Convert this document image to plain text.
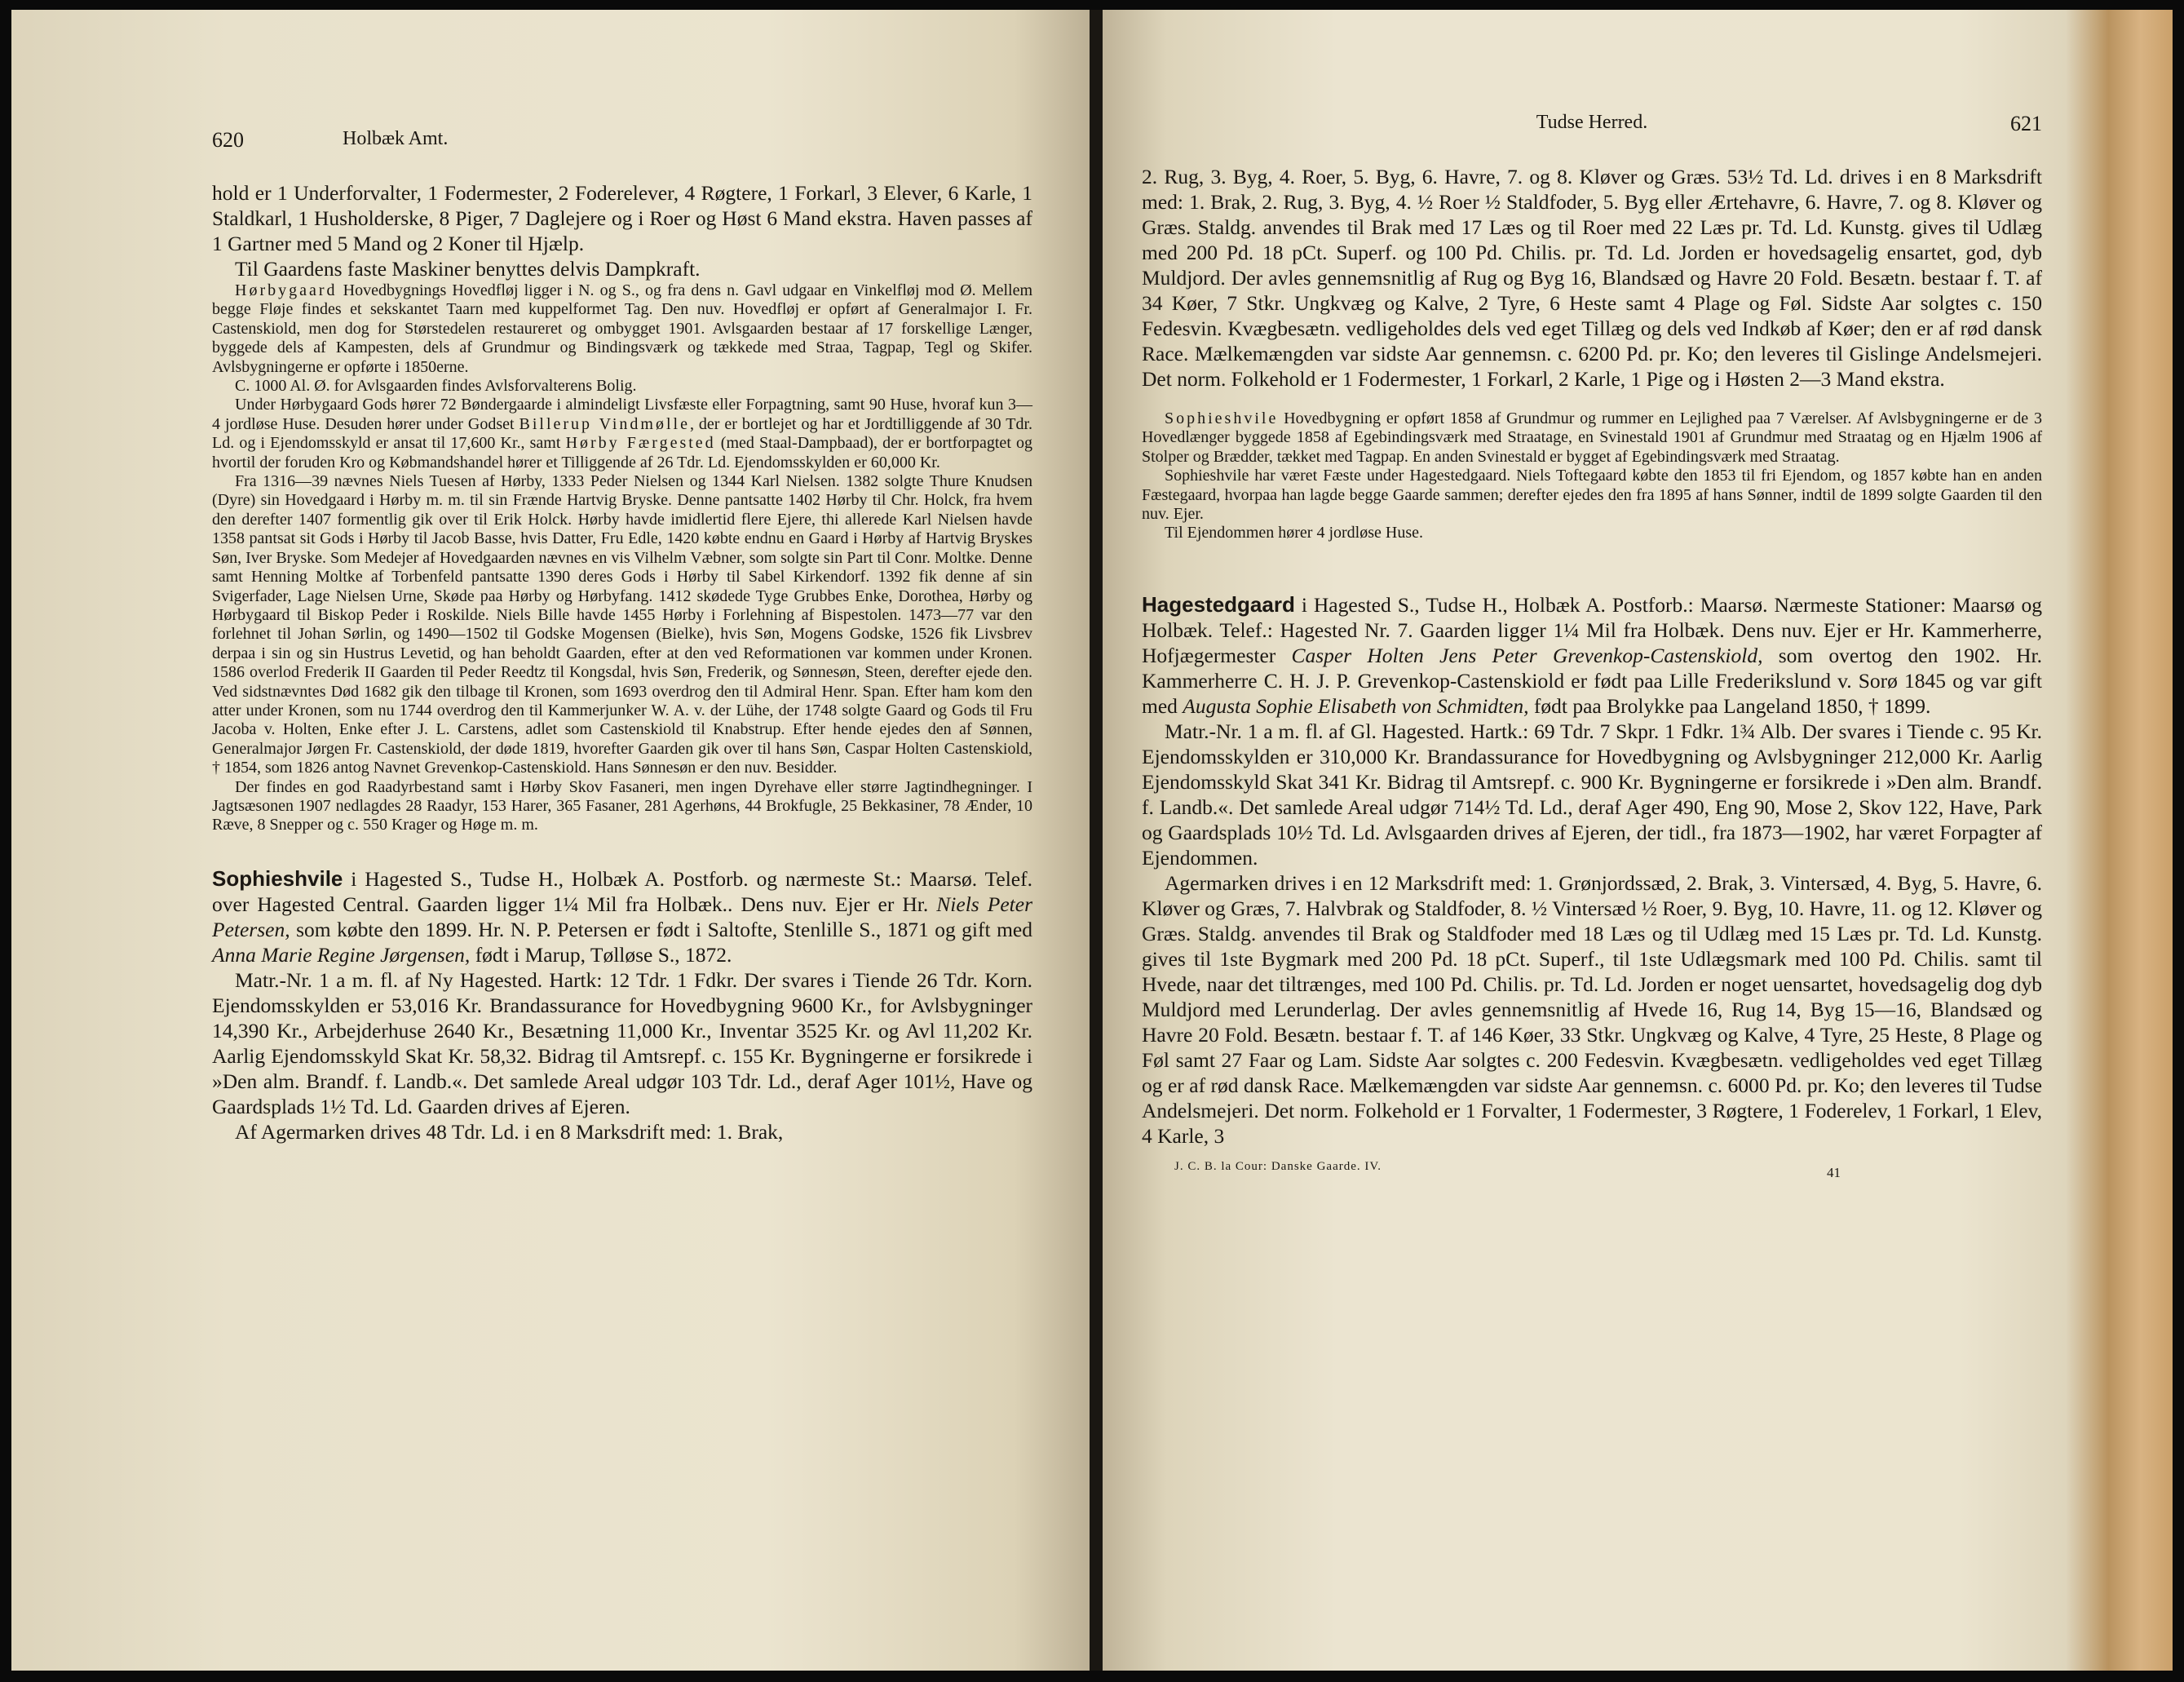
620	Holbæk Amt.

hold er 1 Underforvalter, 1 Fodermester, 2 Foderelever, 4 Røgtere, 1 Forkarl, 3 Elever, 6 Karle, 1 Staldkarl, 1 Husholderske, 8 Piger, 7 Daglejere og i Roer og Høst 6 Mand ekstra. Haven passes af 1 Gartner med 5 Mand og 2 Koner til Hjælp.

Til Gaardens faste Maskiner benyttes delvis Dampkraft.

Hørbygaard Hovedbygnings Hovedfløj ligger i N. og S., og fra dens n. Gavl udgaar en Vinkelfløj mod Ø. Mellem begge Fløje findes et sekskantet Taarn med kuppelformet Tag. Den nuv. Hovedfløj er opført af Generalmajor I. Fr. Castenskiold, men dog for Størstedelen restaureret og ombygget 1901. Avlsgaarden bestaar af 17 forskellige Længer, byggede dels af Kampesten, dels af Grundmur og Bindingsværk og tækkede med Straa, Tagpap, Tegl og Skifer. Avlsbygningerne er opførte i 1850erne.

C. 1000 Al. Ø. for Avlsgaarden findes Avlsforvalterens Bolig.

Under Hørbygaard Gods hører 72 Bøndergaarde i almindeligt Livsfæste eller Forpagtning, samt 90 Huse, hvoraf kun 3—4 jordløse Huse. Desuden hører under Godset Billerup Vindmølle, der er bortlejet og har et Jordtilliggende af 30 Tdr. Ld. og i Ejendomsskyld er ansat til 17,600 Kr., samt Hørby Færgested (med Staal-Dampbaad), der er bortforpagtet og hvortil der foruden Kro og Købmandshandel hører et Tilliggende af 26 Tdr. Ld. Ejendomsskylden er 60,000 Kr.

Fra 1316—39 nævnes Niels Tuesen af Hørby, 1333 Peder Nielsen og 1344 Karl Nielsen. 1382 solgte Thure Knudsen (Dyre) sin Hovedgaard i Hørby m. m. til sin Frænde Hartvig Bryske. Denne pantsatte 1402 Hørby til Chr. Holck, fra hvem den derefter 1407 formentlig gik over til Erik Holck. Hørby havde imidlertid flere Ejere, thi allerede Karl Nielsen havde 1358 pantsat sit Gods i Hørby til Jacob Basse, hvis Datter, Fru Edle, 1420 købte endnu en Gaard i Hørby af Hartvig Bryskes Søn, Iver Bryske. Som Medejer af Hovedgaarden nævnes en vis Vilhelm Væbner, som solgte sin Part til Conr. Moltke. Denne samt Henning Moltke af Torbenfeld pantsatte 1390 deres Gods i Hørby til Sabel Kirkendorf. 1392 fik denne af sin Svigerfader, Lage Nielsen Urne, Skøde paa Hørby og Hørbyfang. 1412 skødede Tyge Grubbes Enke, Dorothea, Hørby og Hørbygaard til Biskop Peder i Roskilde. Niels Bille havde 1455 Hørby i Forlehning af Bispestolen. 1473—77 var den forlehnet til Johan Sørlin, og 1490—1502 til Godske Mogensen (Bielke), hvis Søn, Mogens Godske, 1526 fik Livsbrev derpaa i sin og sin Hustrus Levetid, og han beholdt Gaarden, efter at den ved Reformationen var kommen under Kronen. 1586 overlod Frederik II Gaarden til Peder Reedtz til Kongsdal, hvis Søn, Frederik, og Sønnesøn, Steen, derefter ejede den. Ved sidstnævntes Død 1682 gik den tilbage til Kronen, som 1693 overdrog den til Admiral Henr. Span. Efter ham kom den atter under Kronen, som nu 1744 overdrog den til Kammerjunker W. A. v. der Lühe, der 1748 solgte Gaard og Gods til Fru Jacoba v. Holten, Enke efter J. L. Carstens, adlet som Castenskiold til Knabstrup. Efter hende ejedes den af Sønnen, Generalmajor Jørgen Fr. Castenskiold, der døde 1819, hvorefter Gaarden gik over til hans Søn, Caspar Holten Castenskiold, † 1854, som 1826 antog Navnet Grevenkop-Castenskiold. Hans Sønnesøn er den nuv. Besidder.

Der findes en god Raadyrbestand samt i Hørby Skov Fasaneri, men ingen Dyrehave eller større Jagtindhegninger. I Jagtsæsonen 1907 nedlagdes 28 Raadyr, 153 Harer, 365 Fasaner, 281 Agerhøns, 44 Brokfugle, 25 Bekkasiner, 78 Ænder, 10 Ræve, 8 Snepper og c. 550 Krager og Høge m. m.

Sophieshvile i Hagested S., Tudse H., Holbæk A. Postforb. og nærmeste St.: Maarsø. Telef. over Hagested Central. Gaarden ligger 1¼ Mil fra Holbæk.. Dens nuv. Ejer er Hr. Niels Peter Petersen, som købte den 1899. Hr. N. P. Petersen er født i Saltofte, Stenlille S., 1871 og gift med Anna Marie Regine Jørgensen, født i Marup, Tølløse S., 1872.

Matr.-Nr. 1 a m. fl. af Ny Hagested. Hartk: 12 Tdr. 1 Fdkr. Der svares i Tiende 26 Tdr. Korn. Ejendomsskylden er 53,016 Kr. Brandassurance for Hovedbygning 9600 Kr., for Avlsbygninger 14,390 Kr., Arbejderhuse 2640 Kr., Besætning 11,000 Kr., Inventar 3525 Kr. og Avl 11,202 Kr. Aarlig Ejendomsskyld Skat Kr. 58,32. Bidrag til Amtsrepf. c. 155 Kr. Bygningerne er forsikrede i »Den alm. Brandf. f. Landb.«. Det samlede Areal udgør 103 Tdr. Ld., deraf Ager 101½, Have og Gaardsplads 1½ Td. Ld. Gaarden drives af Ejeren.

Af Agermarken drives 48 Tdr. Ld. i en 8 Marksdrift med: 1. Brak,

Tudse Herred.	621

2. Rug, 3. Byg, 4. Roer, 5. Byg, 6. Havre, 7. og 8. Kløver og Græs. 53½ Td. Ld. drives i en 8 Marksdrift med: 1. Brak, 2. Rug, 3. Byg, 4. ½ Roer ½ Staldfoder, 5. Byg eller Ærtehavre, 6. Havre, 7. og 8. Kløver og Græs. Staldg. anvendes til Brak med 17 Læs og til Roer med 22 Læs pr. Td. Ld. Kunstg. gives til Udlæg med 200 Pd. 18 pCt. Superf. og 100 Pd. Chilis. pr. Td. Ld. Jorden er hovedsagelig ensartet, god, dyb Muldjord. Der avles gennemsnitlig af Rug og Byg 16, Blandsæd og Havre 20 Fold. Besætn. bestaar f. T. af 34 Køer, 7 Stkr. Ungkvæg og Kalve, 2 Tyre, 6 Heste samt 4 Plage og Føl. Sidste Aar solgtes c. 150 Fedesvin. Kvægbesætn. vedligeholdes dels ved eget Tillæg og dels ved Indkøb af Køer; den er af rød dansk Race. Mælkemængden var sidste Aar gennemsn. c. 6200 Pd. pr. Ko; den leveres til Gislinge Andelsmejeri. Det norm. Folkehold er 1 Fodermester, 1 Forkarl, 2 Karle, 1 Pige og i Høsten 2—3 Mand ekstra.

Sophieshvile Hovedbygning er opført 1858 af Grundmur og rummer en Lejlighed paa 7 Værelser. Af Avlsbygningerne er de 3 Hovedlænger byggede 1858 af Egebindingsværk med Straatage, en Svinestald 1901 af Grundmur med Straatag og en Hjælm 1906 af Stolper og Brædder, tækket med Tagpap. En anden Svinestald er bygget af Egebindingsværk med Straatag.

Sophieshvile har været Fæste under Hagestedgaard. Niels Toftegaard købte den 1853 til fri Ejendom, og 1857 købte han en anden Fæstegaard, hvorpaa han lagde begge Gaarde sammen; derefter ejedes den fra 1895 af hans Sønner, indtil de 1899 solgte Gaarden til den nuv. Ejer.

Til Ejendommen hører 4 jordløse Huse.

Hagestedgaard i Hagested S., Tudse H., Holbæk A. Postforb.: Maarsø. Nærmeste Stationer: Maarsø og Holbæk. Telef.: Hagested Nr. 7. Gaarden ligger 1¼ Mil fra Holbæk. Dens nuv. Ejer er Hr. Kammerherre, Hofjægermester Casper Holten Jens Peter Grevenkop-Castenskiold, som overtog den 1902. Hr. Kammerherre C. H. J. P. Grevenkop-Castenskiold er født paa Lille Frederikslund v. Sorø 1845 og var gift med Augusta Sophie Elisabeth von Schmidten, født paa Brolykke paa Langeland 1850, † 1899.

Matr.-Nr. 1 a m. fl. af Gl. Hagested. Hartk.: 69 Tdr. 7 Skpr. 1 Fdkr. 1¾ Alb. Der svares i Tiende c. 95 Kr. Ejendomsskylden er 310,000 Kr. Brandassurance for Hovedbygning og Avlsbygninger 212,000 Kr. Aarlig Ejendomsskyld Skat 341 Kr. Bidrag til Amtsrepf. c. 900 Kr. Bygningerne er forsikrede i »Den alm. Brandf. f. Landb.«. Det samlede Areal udgør 714½ Td. Ld., deraf Ager 490, Eng 90, Mose 2, Skov 122, Have, Park og Gaardsplads 10½ Td. Ld. Avlsgaarden drives af Ejeren, der tidl., fra 1873—1902, har været Forpagter af Ejendommen.

Agermarken drives i en 12 Marksdrift med: 1. Grønjordssæd, 2. Brak, 3. Vintersæd, 4. Byg, 5. Havre, 6. Kløver og Græs, 7. Halvbrak og Staldfoder, 8. ½ Vintersæd ½ Roer, 9. Byg, 10. Havre, 11. og 12. Kløver og Græs. Staldg. anvendes til Brak og Staldfoder med 18 Læs og til Udlæg med 15 Læs pr. Td. Ld. Kunstg. gives til 1ste Bygmark med 200 Pd. 18 pCt. Superf., til 1ste Udlægsmark med 100 Pd. Chilis. samt til Hvede, naar det tiltrænges, med 100 Pd. Chilis. pr. Td. Ld. Jorden er noget uensartet, hovedsagelig dog dyb Muldjord med Lerunderlag. Der avles gennemsnitlig af Hvede 16, Rug 14, Byg 15—16, Blandsæd og Havre 20 Fold. Besætn. bestaar f. T. af 146 Køer, 33 Stkr. Ungkvæg og Kalve, 4 Tyre, 25 Heste, 8 Plage og Føl samt 27 Faar og Lam. Sidste Aar solgtes c. 200 Fedesvin. Kvægbesætn. vedligeholdes ved eget Tillæg og er af rød dansk Race. Mælkemængden var sidste Aar gennemsn. c. 6000 Pd. pr. Ko; den leveres til Tudse Andelsmejeri. Det norm. Folkehold er 1 Forvalter, 1 Fodermester, 3 Røgtere, 1 Foderelev, 1 Forkarl, 1 Elev, 4 Karle, 3

J. C. B. la Cour: Danske Gaarde. IV.	41
